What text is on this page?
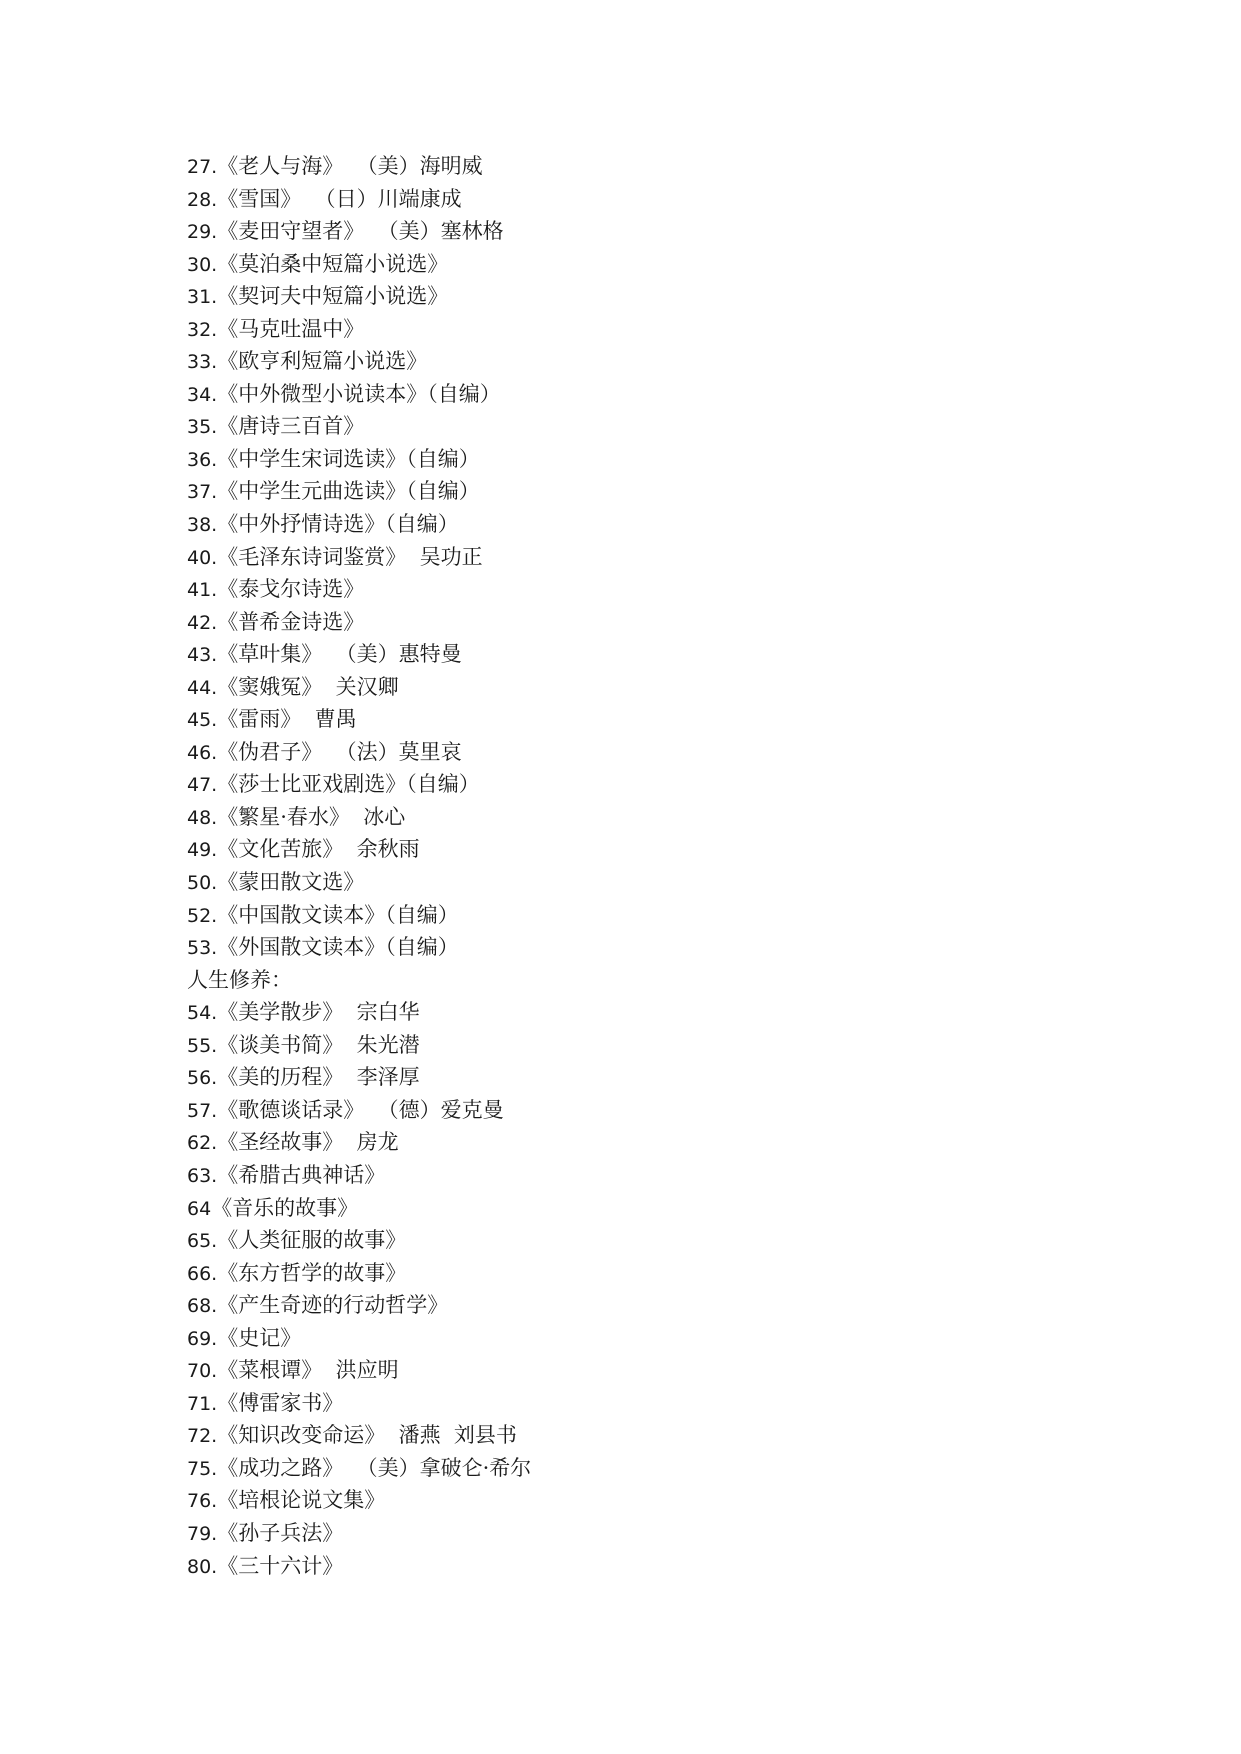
27.《老人与海》  （美）海明威
28.《雪国》  （日）川端康成
29.《麦田守望者》  （美）塞林格
30.《莫泊桑中短篇小说选》
31.《契诃夫中短篇小说选》
32.《马克吐温中》
33.《欧亨利短篇小说选》
34.《中外微型小说读本》（自编）
35.《唐诗三百首》
36.《中学生宋词选读》（自编）
37.《中学生元曲选读》（自编）
38.《中外抒情诗选》（自编）
40.《毛泽东诗词鉴赏》  吴功正
41.《泰戈尔诗选》
42.《普希金诗选》
43.《草叶集》  （美）惠特曼
44.《窦娥冤》  关汉卿
45.《雷雨》  曹禺
46.《伪君子》  （法）莫里哀
47.《莎士比亚戏剧选》（自编）
48.《繁星·春水》  冰心
49.《文化苦旅》  余秋雨
50.《蒙田散文选》
52.《中国散文读本》（自编）
53.《外国散文读本》（自编）
人生修养：
54.《美学散步》  宗白华
55.《谈美书简》  朱光潜
56.《美的历程》  李泽厚
57.《歌德谈话录》  （德）爱克曼
62.《圣经故事》  房龙
63.《希腊古典神话》
64《音乐的故事》
65.《人类征服的故事》
66.《东方哲学的故事》
68.《产生奇迹的行动哲学》
69.《史记》
70.《菜根谭》  洪应明
71.《傅雷家书》
72.《知识改变命运》  潘燕  刘县书
75.《成功之路》  （美）拿破仑·希尔
76.《培根论说文集》
79.《孙子兵法》
80.《三十六计》
